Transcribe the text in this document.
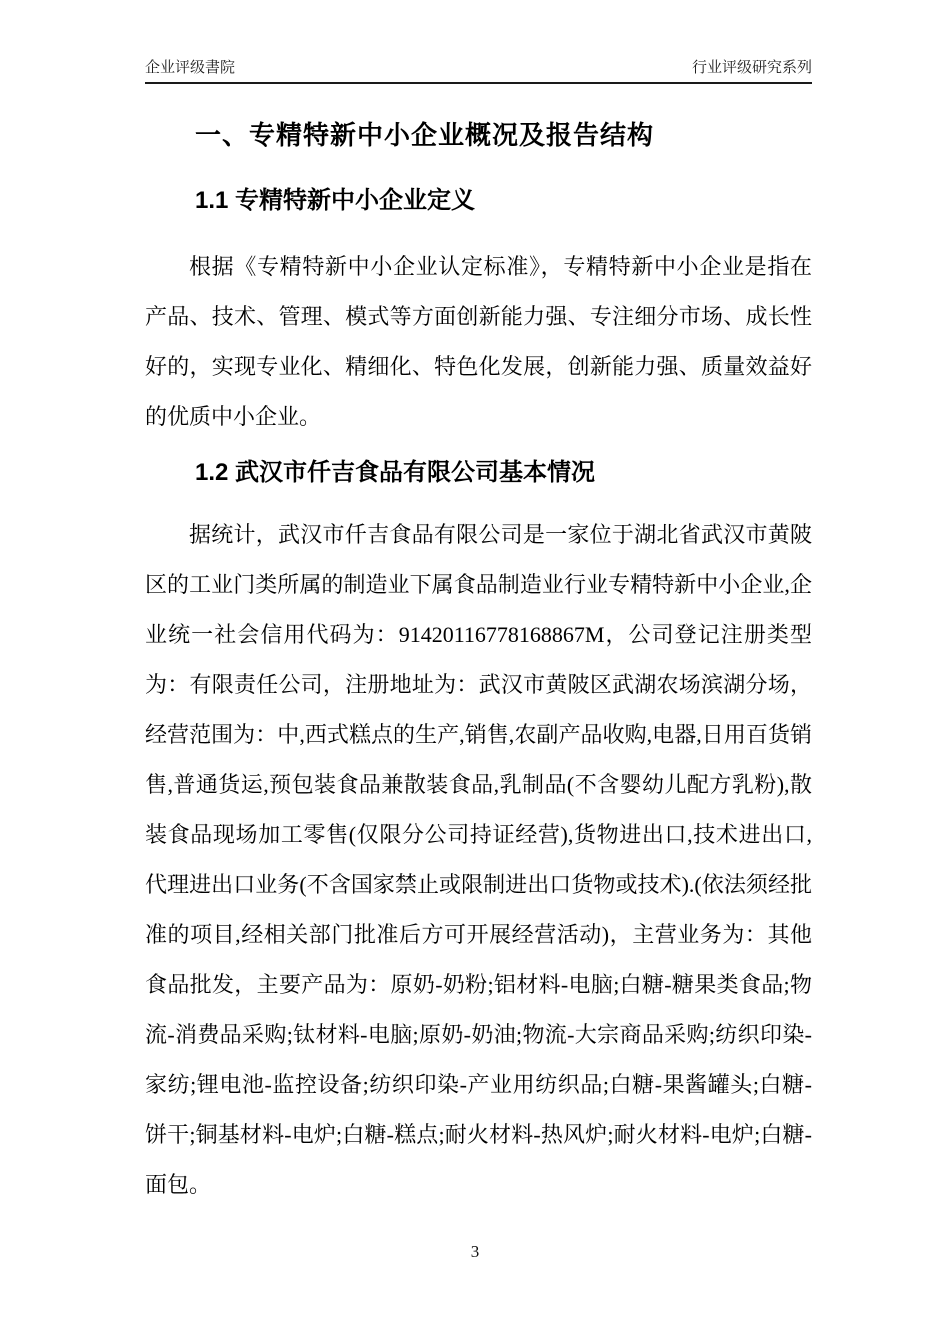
企业评级書院	行业评级研究系列
一、专精特新中小企业概况及报告结构
1.1 专精特新中小企业定义

根据《专精特新中小企业认定标准》，专精特新中小企业是指在产品、技术、管理、模式等方面创新能力强、专注细分市场、成长性好的，实现专业化、精细化、特色化发展，创新能力强、质量效益好的优质中小企业。

1.2 武汉市仟吉食品有限公司基本情况

据统计，武汉市仟吉食品有限公司是一家位于湖北省武汉市黄陂区的工业门类所属的制造业下属食品制造业行业专精特新中小企业,企业统一社会信用代码为：91420116778168867M，公司登记注册类型为：有限责任公司，注册地址为：武汉市黄陂区武湖农场滨湖分场，经营范围为：中,西式糕点的生产,销售,农副产品收购,电器,日用百货销售,普通货运,预包装食品兼散装食品,乳制品(不含婴幼儿配方乳粉),散装食品现场加工零售(仅限分公司持证经营),货物进出口,技术进出口,代理进出口业务(不含国家禁止或限制进出口货物或技术).(依法须经批准的项目,经相关部门批准后方可开展经营活动)，主营业务为：其他食品批发，主要产品为：原奶-奶粉;铝材料-电脑;白糖-糖果类食品;物流-消费品采购;钛材料-电脑;原奶-奶油;物流-大宗商品采购;纺织印染-家纺;锂电池-监控设备;纺织印染-产业用纺织品;白糖-果酱罐头;白糖-饼干;铜基材料-电炉;白糖-糕点;耐火材料-热风炉;耐火材料-电炉;白糖-面包。

3
